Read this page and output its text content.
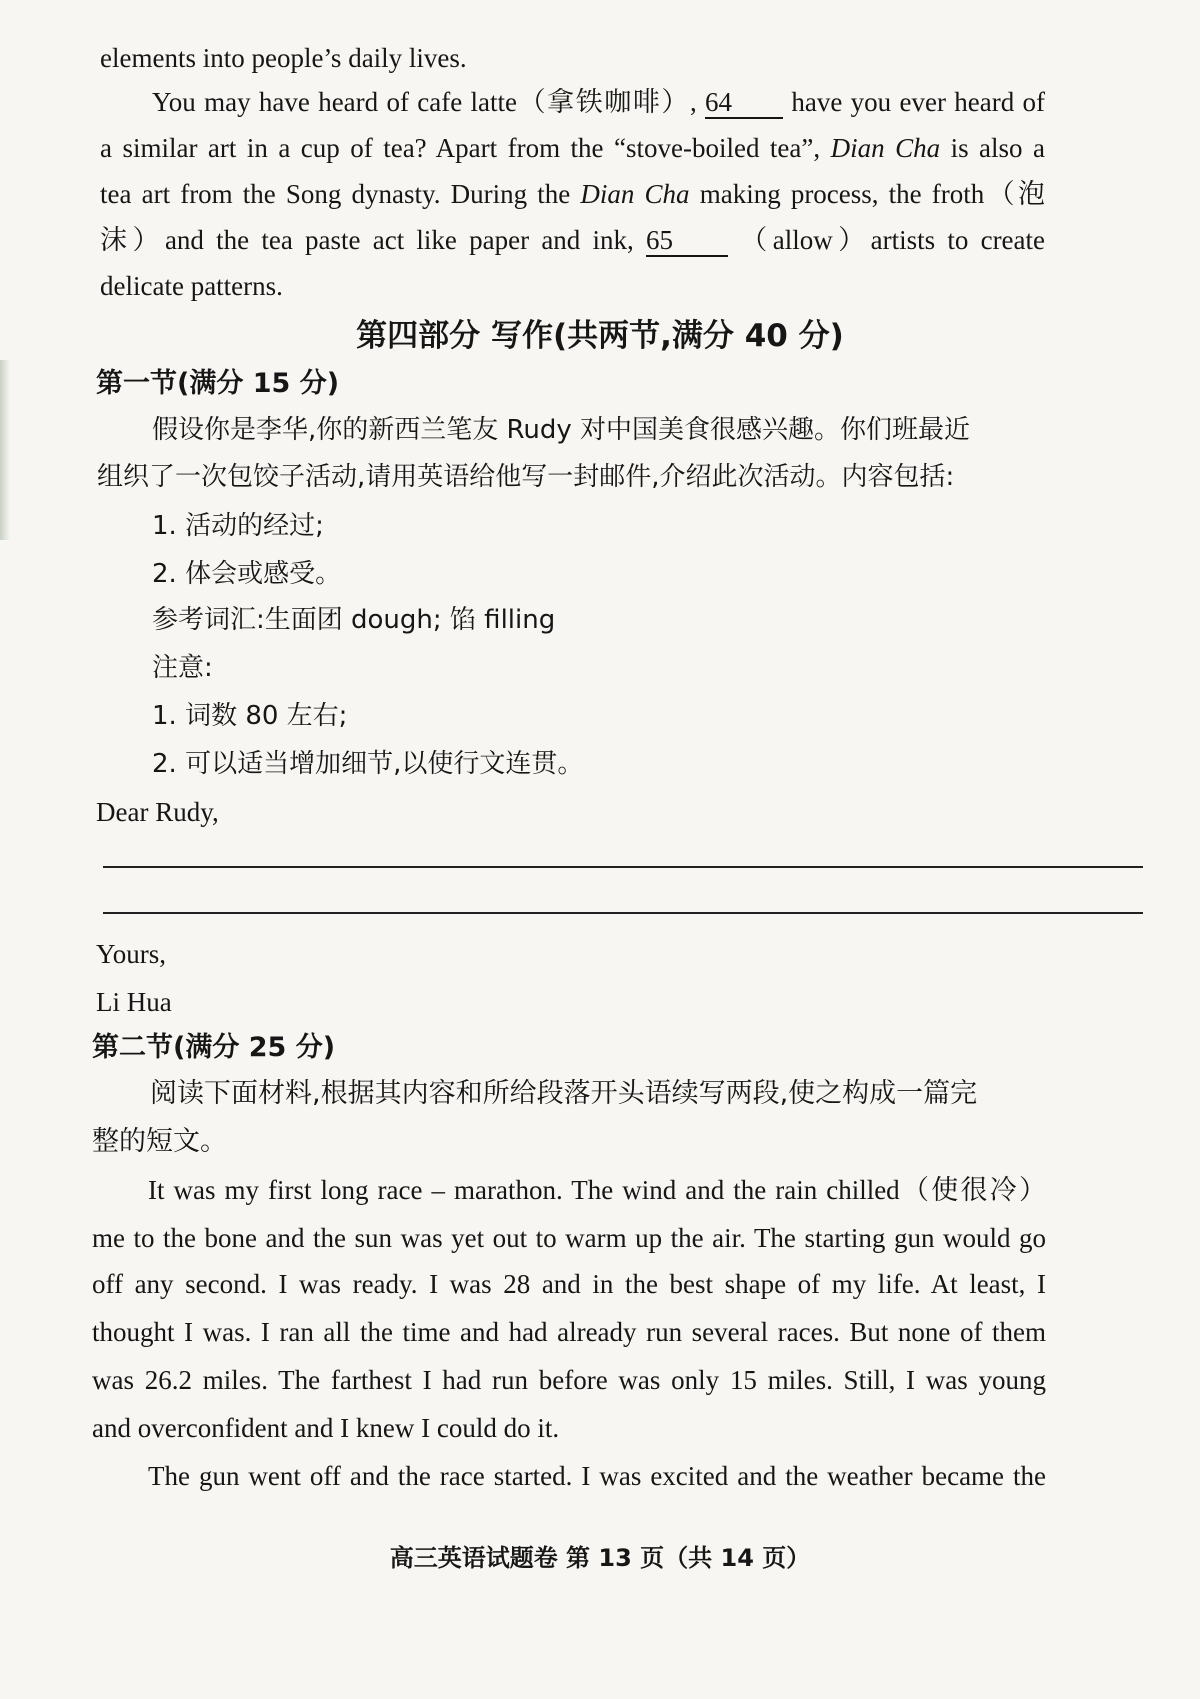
elements into people’s daily lives.
You may have heard of cafe latte（拿铁咖啡）, 64 have you ever heard of
a similar art in a cup of tea? Apart from the “stove-boiled tea”, Dian Cha is also a
tea art from the Song dynasty. During the Dian Cha making process, the froth（泡
沫）and the tea paste act like paper and ink, 65 （allow）artists to create
delicate patterns.
第四部分 写作(共两节,满分 40 分)
第一节(满分 15 分)
假设你是李华,你的新西兰笔友 Rudy 对中国美食很感兴趣。你们班最近
组织了一次包饺子活动,请用英语给他写一封邮件,介绍此次活动。内容包括:
1. 活动的经过;
2. 体会或感受。
参考词汇:生面团 dough; 馅 filling
注意:
1. 词数 80 左右;
2. 可以适当增加细节,以使行文连贯。
Dear Rudy,
Yours,
Li Hua
第二节(满分 25 分)
阅读下面材料,根据其内容和所给段落开头语续写两段,使之构成一篇完
整的短文。
It was my first long race – marathon. The wind and the rain chilled（使很冷）
me to the bone and the sun was yet out to warm up the air. The starting gun would go
off any second. I was ready. I was 28 and in the best shape of my life. At least, I
thought I was. I ran all the time and had already run several races. But none of them
was 26.2 miles. The farthest I had run before was only 15 miles. Still, I was young
and overconfident and I knew I could do it.
The gun went off and the race started. I was excited and the weather became the
高三英语试题卷 第 13 页（共 14 页）
